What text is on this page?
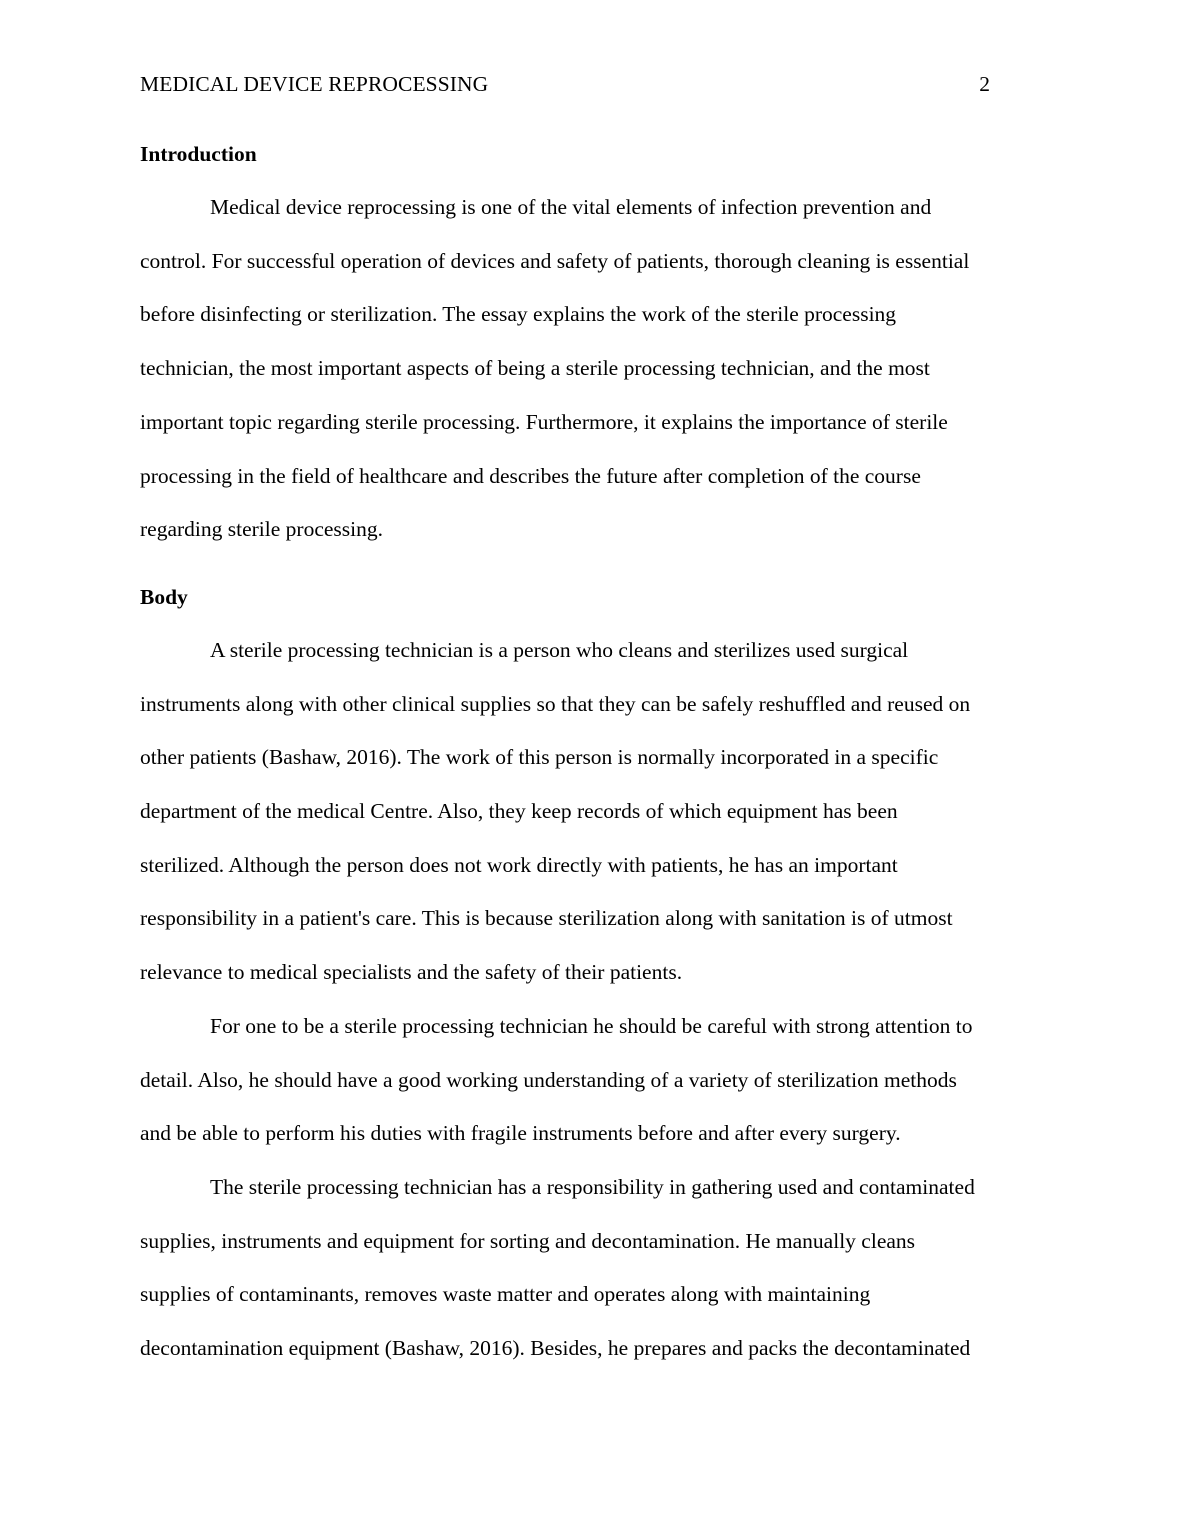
MEDICAL DEVICE REPROCESSING	2

Introduction

Medical device reprocessing is one of the vital elements of infection prevention and

control. For successful operation of devices and safety of patients, thorough cleaning is essential

before disinfecting or sterilization. The essay explains the work of the sterile processing

technician, the most important aspects of being a sterile processing technician, and the most

important topic regarding sterile processing. Furthermore, it explains the importance of sterile

processing in the field of healthcare and describes the future after completion of the course

regarding sterile processing.

Body

A sterile processing technician is a person who cleans and sterilizes used surgical

instruments along with other clinical supplies so that they can be safely reshuffled and reused on

other patients (Bashaw, 2016). The work of this person is normally incorporated in a specific

department of the medical Centre. Also, they keep records of which equipment has been

sterilized. Although the person does not work directly with patients, he has an important

responsibility in a patient's care. This is because sterilization along with sanitation is of utmost

relevance to medical specialists and the safety of their patients.

For one to be a sterile processing technician he should be careful with strong attention to

detail. Also, he should have a good working understanding of a variety of sterilization methods

and be able to perform his duties with fragile instruments before and after every surgery.

The sterile processing technician has a responsibility in gathering used and contaminated

supplies, instruments and equipment for sorting and decontamination. He manually cleans

supplies of contaminants, removes waste matter and operates along with maintaining

decontamination equipment (Bashaw, 2016). Besides, he prepares and packs the decontaminated
